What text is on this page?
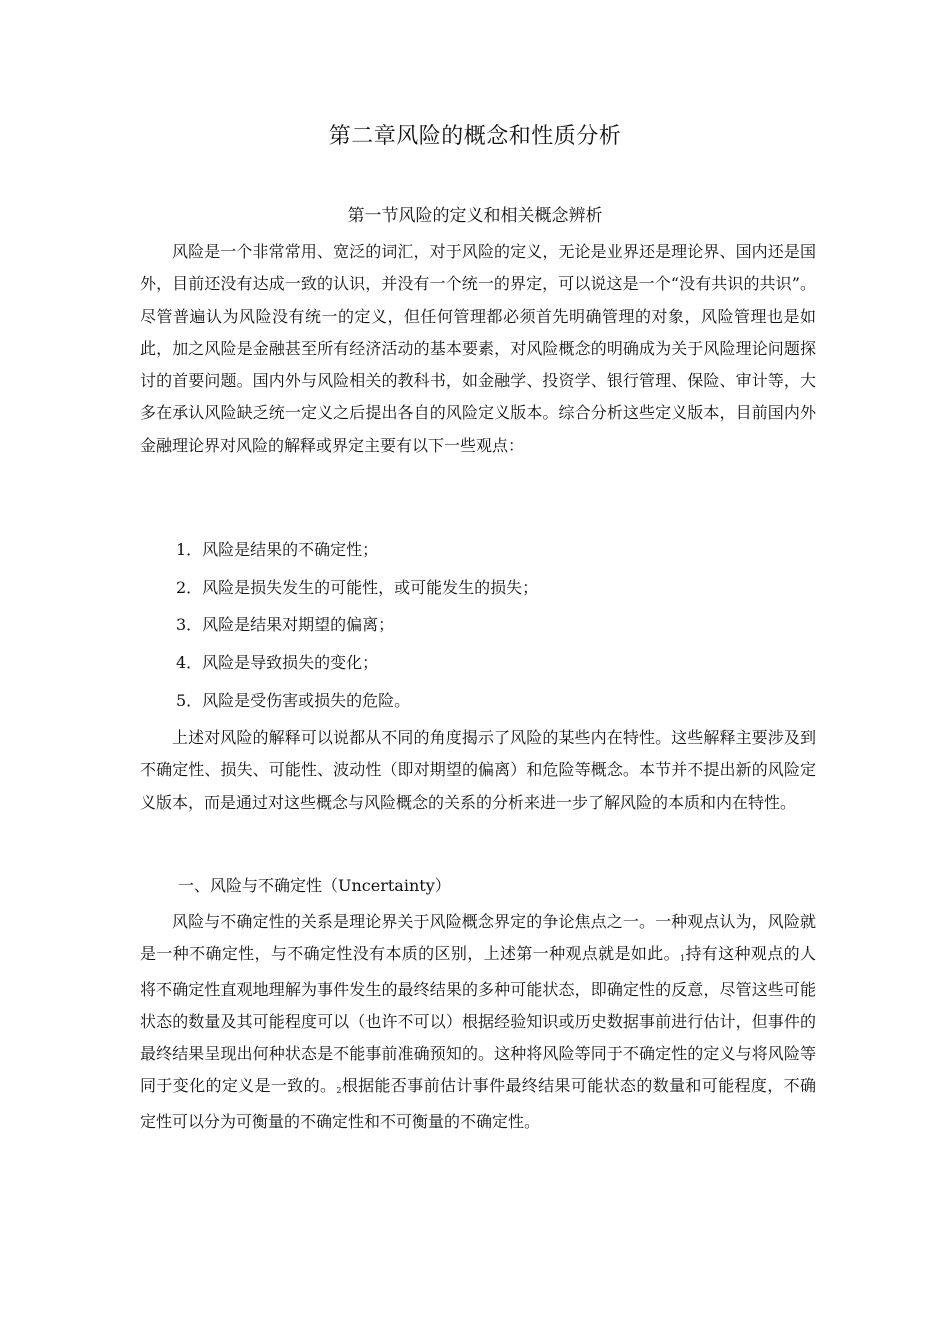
第二章风险的概念和性质分析
第一节风险的定义和相关概念辨析

风险是一个非常常用、宽泛的词汇，对于风险的定义，无论是业界还是理论界、国内还是国外，目前还没有达成一致的认识，并没有一个统一的界定，可以说这是一个“没有共识的共识”。尽管普遍认为风险没有统一的定义，但任何管理都必须首先明确管理的对象，风险管理也是如此，加之风险是金融甚至所有经济活动的基本要素，对风险概念的明确成为关于风险理论问题探讨的首要问题。国内外与风险相关的教科书，如金融学、投资学、银行管理、保险、审计等，大多在承认风险缺乏统一定义之后提出各自的风险定义版本。综合分析这些定义版本，目前国内外金融理论界对风险的解释或界定主要有以下一些观点：

1．风险是结果的不确定性；
2．风险是损失发生的可能性，或可能发生的损失；
3．风险是结果对期望的偏离；
4．风险是导致损失的变化；
5．风险是受伤害或损失的危险。

上述对风险的解释可以说都从不同的角度揭示了风险的某些内在特性。这些解释主要涉及到不确定性、损失、可能性、波动性（即对期望的偏离）和危险等概念。本节并不提出新的风险定义版本，而是通过对这些概念与风险概念的关系的分析来进一步了解风险的本质和内在特性。

一、风险与不确定性（Uncertainty）

风险与不确定性的关系是理论界关于风险概念界定的争论焦点之一。一种观点认为，风险就是一种不确定性，与不确定性没有本质的区别，上述第一种观点就是如此。$^1$持有这种观点的人将不确定性直观地理解为事件发生的最终结果的多种可能状态，即确定性的反意，尽管这些可能状态的数量及其可能程度可以（也许不可以）根据经验知识或历史数据事前进行估计，但事件的最终结果呈现出何种状态是不能事前准确预知的。这种将风险等同于不确定性的定义与将风险等同于变化的定义是一致的。$^2$根据能否事前估计事件最终结果可能状态的数量和可能程度，不确定性可以分为可衡量的不确定性和不可衡量的不确定性。
